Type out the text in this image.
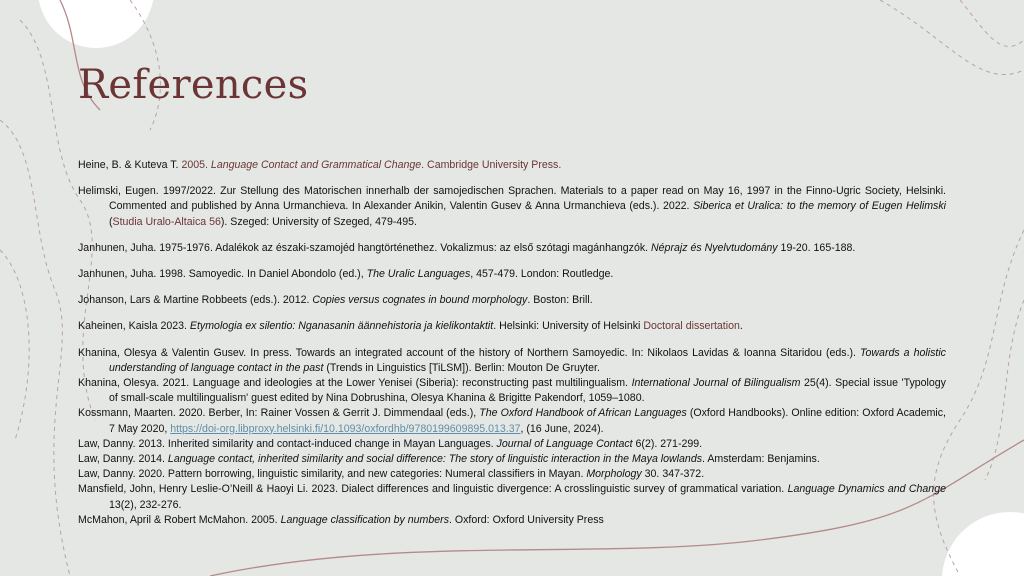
References

Heine, B. & Kuteva T. 2005. Language Contact and Grammatical Change. Cambridge University Press.

Helimski, Eugen. 1997/2022. Zur Stellung des Matorischen innerhalb der samojedischen Sprachen. Materials to a paper read on May 16, 1997 in the Finno-Ugric Society, Helsinki. Commented and published by Anna Urmanchieva. In Alexander Anikin, Valentin Gusev & Anna Urmanchieva (eds.). 2022. Siberica et Uralica: to the memory of Eugen Helimski (Studia Uralo-Altaica 56). Szeged: University of Szeged, 479-495.

Janhunen, Juha. 1975-1976. Adalékok az északi-szamojéd hangtörténethez. Vokalizmus: az első szótagi magánhangzók. Néprajz és Nyelvtudomány 19-20. 165-188.

Janhunen, Juha. 1998. Samoyedic. In Daniel Abondolo (ed.), The Uralic Languages, 457-479. London: Routledge.

Johanson, Lars & Martine Robbeets (eds.). 2012. Copies versus cognates in bound morphology. Boston: Brill.

Kaheinen, Kaisla 2023. Etymologia ex silentio: Nganasanin äännehistoria ja kielikontaktit. Helsinki: University of Helsinki Doctoral dissertation.

Khanina, Olesya & Valentin Gusev. In press. Towards an integrated account of the history of Northern Samoyedic. In: Nikolaos Lavidas & Ioanna Sitaridou (eds.). Towards a holistic understanding of language contact in the past (Trends in Linguistics [TiLSM]). Berlin: Mouton De Gruyter.

Khanina, Olesya. 2021. Language and ideologies at the Lower Yenisei (Siberia): reconstructing past multilingualism. International Journal of Bilingualism 25(4). Special issue 'Typology of small-scale multilingualism' guest edited by Nina Dobrushina, Olesya Khanina & Brigitte Pakendorf, 1059–1080.

Kossmann, Maarten. 2020. Berber, In: Rainer Vossen & Gerrit J. Dimmendaal (eds.), The Oxford Handbook of African Languages (Oxford Handbooks). Online edition: Oxford Academic, 7 May 2020, https://doi-org.libproxy.helsinki.fi/10.1093/oxfordhb/9780199609895.013.37, (16 June, 2024).

Law, Danny. 2013. Inherited similarity and contact-induced change in Mayan Languages. Journal of Language Contact 6(2). 271-299.

Law, Danny. 2014. Language contact, inherited similarity and social difference: The story of linguistic interaction in the Maya lowlands. Amsterdam: Benjamins.

Law, Danny. 2020. Pattern borrowing, linguistic similarity, and new categories: Numeral classifiers in Mayan. Morphology 30. 347-372.

Mansfield, John, Henry Leslie-O’Neill & Haoyi Li. 2023. Dialect differences and linguistic divergence: A crosslinguistic survey of grammatical variation. Language Dynamics and Change 13(2), 232-276.

McMahon, April & Robert McMahon. 2005. Language classification by numbers. Oxford: Oxford University Press
